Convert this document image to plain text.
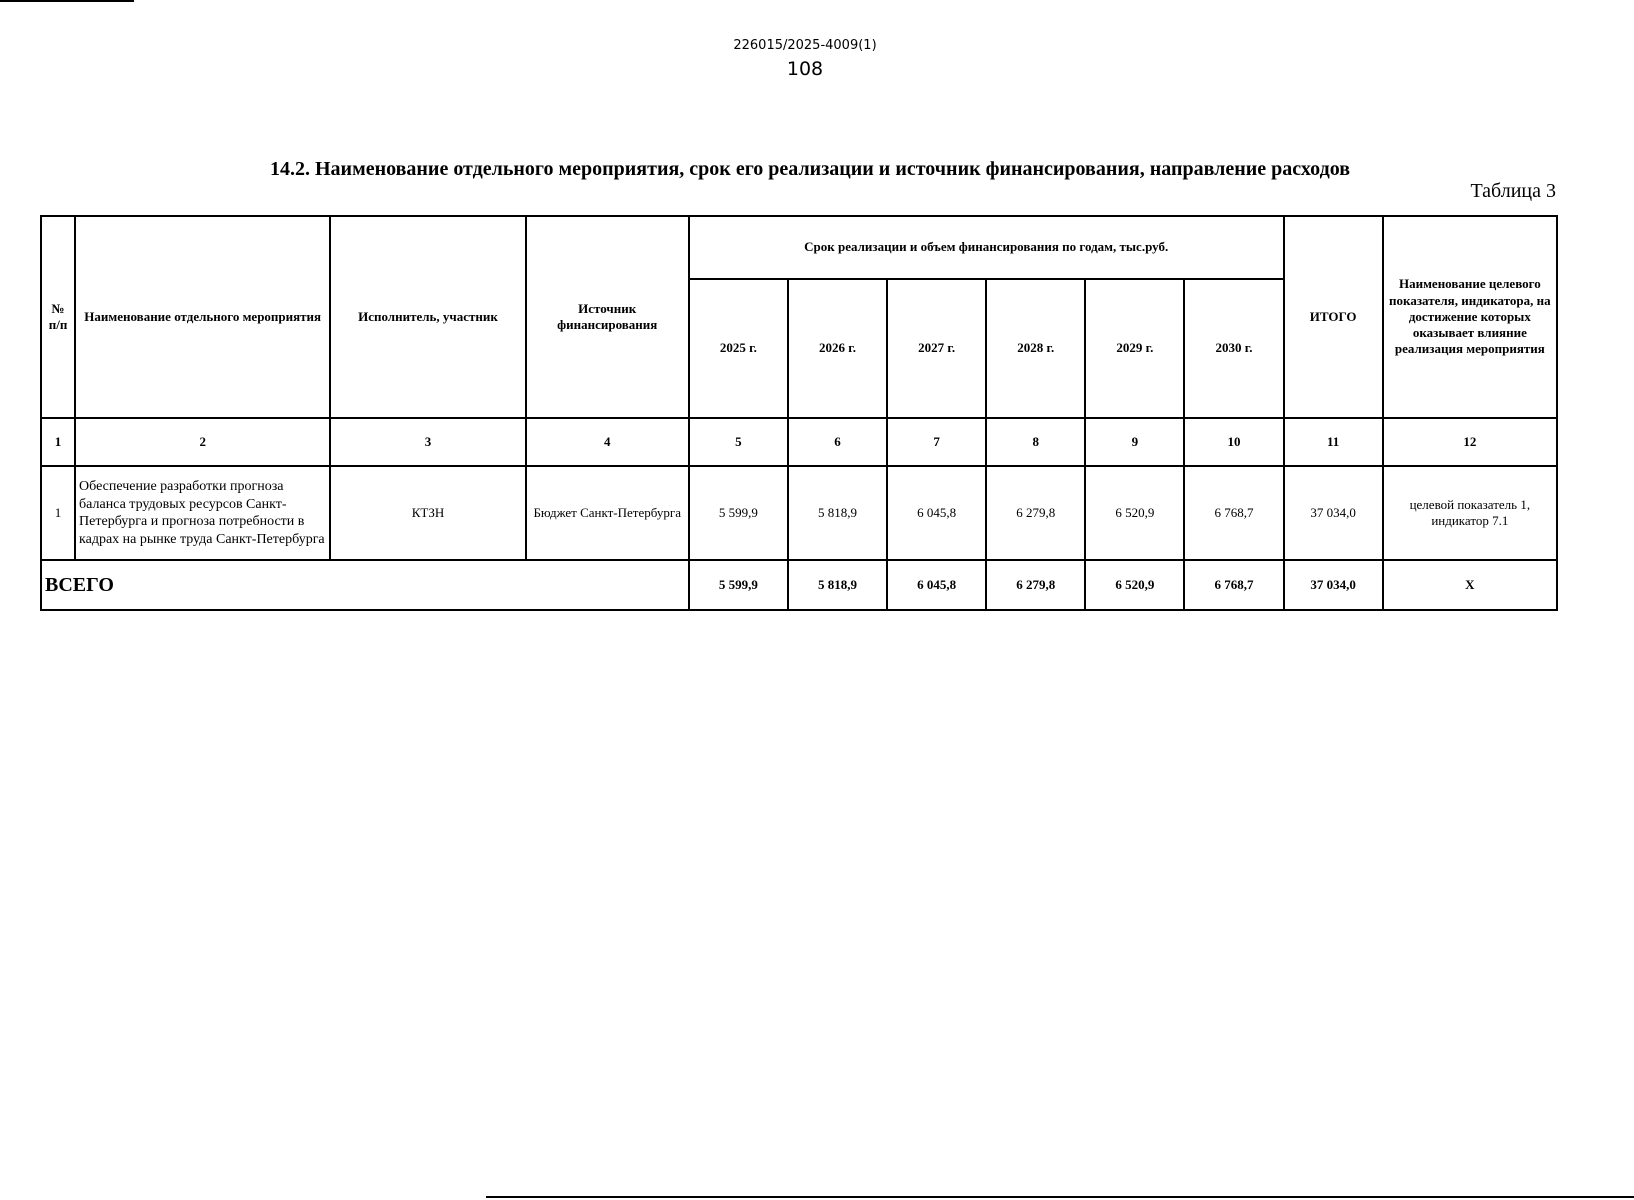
226015/2025-4009(1)
108
14.2. Наименование отдельного мероприятия, срок его реализации и источник финансирования, направление расходов
Таблица 3
№ п/п	Наименование отдельного мероприятия	Исполнитель, участник	Источник финансирования	Срок реализации и объем финансирования по годам, тыс.руб.						ИТОГО	Наименование целевого показателя, индикатора, на достижение которых оказывает влияние реализация мероприятия
				2025 г.	2026 г.	2027 г.	2028 г.	2029 г.	2030 г.		
1	2	3	4	5	6	7	8	9	10	11	12
1	Обеспечение разработки прогноза баланса трудовых ресурсов Санкт-Петербурга и прогноза потребности в кадрах на рынке труда Санкт-Петербурга	КТЗН	Бюджет Санкт-Петербурга	5 599,9	5 818,9	6 045,8	6 279,8	6 520,9	6 768,7	37 034,0	целевой показатель 1, индикатор 7.1
ВСЕГО				5 599,9	5 818,9	6 045,8	6 279,8	6 520,9	6 768,7	37 034,0	Х
